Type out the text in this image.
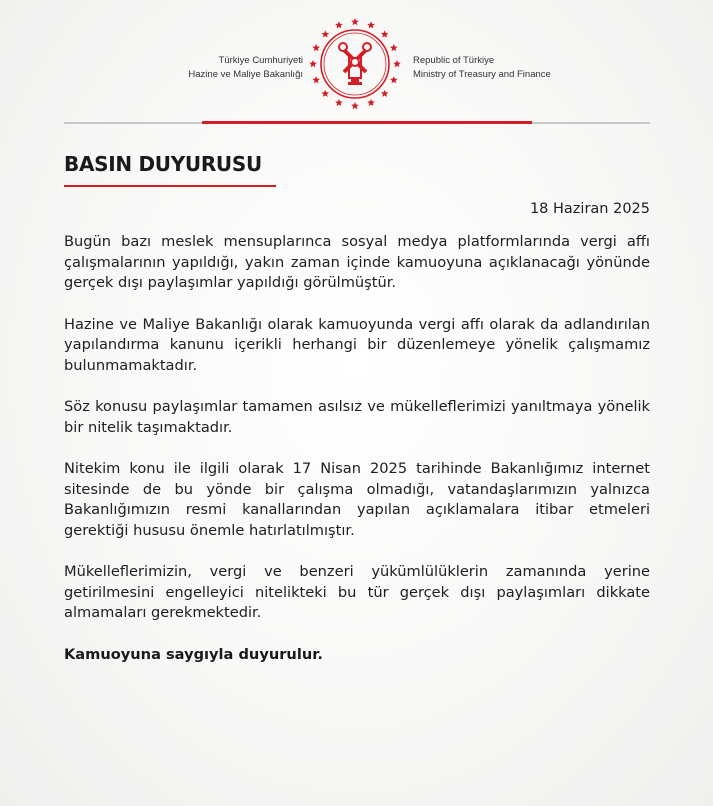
Türkiye Cumhuriyeti
Hazine ve Maliye Bakanlığı
Republic of Türkiye
Ministry of Treasury and Finance
BASIN DUYURUSU
18 Haziran 2025

Bugün bazı meslek mensuplarınca sosyal medya platformlarında vergi affı çalışmalarının yapıldığı, yakın zaman içinde kamuoyuna açıklanacağı yönünde gerçek dışı paylaşımlar yapıldığı görülmüştür.

Hazine ve Maliye Bakanlığı olarak kamuoyunda vergi affı olarak da adlandırılan yapılandırma kanunu içerikli herhangi bir düzenlemeye yönelik çalışmamız bulunmamaktadır.

Söz konusu paylaşımlar tamamen asılsız ve mükelleflerimizi yanıltmaya yönelik bir nitelik taşımaktadır.

Nitekim konu ile ilgili olarak 17 Nisan 2025 tarihinde Bakanlığımız internet sitesinde de bu yönde bir çalışma olmadığı, vatandaşlarımızın yalnızca Bakanlığımızın resmi kanallarından yapılan açıklamalara itibar etmeleri gerektiği hususu önemle hatırlatılmıştır.

Mükelleflerimizin, vergi ve benzeri yükümlülüklerin zamanında yerine getirilmesini engelleyici nitelikteki bu tür gerçek dışı paylaşımları dikkate almamaları gerekmektedir.

Kamuoyuna saygıyla duyurulur.
